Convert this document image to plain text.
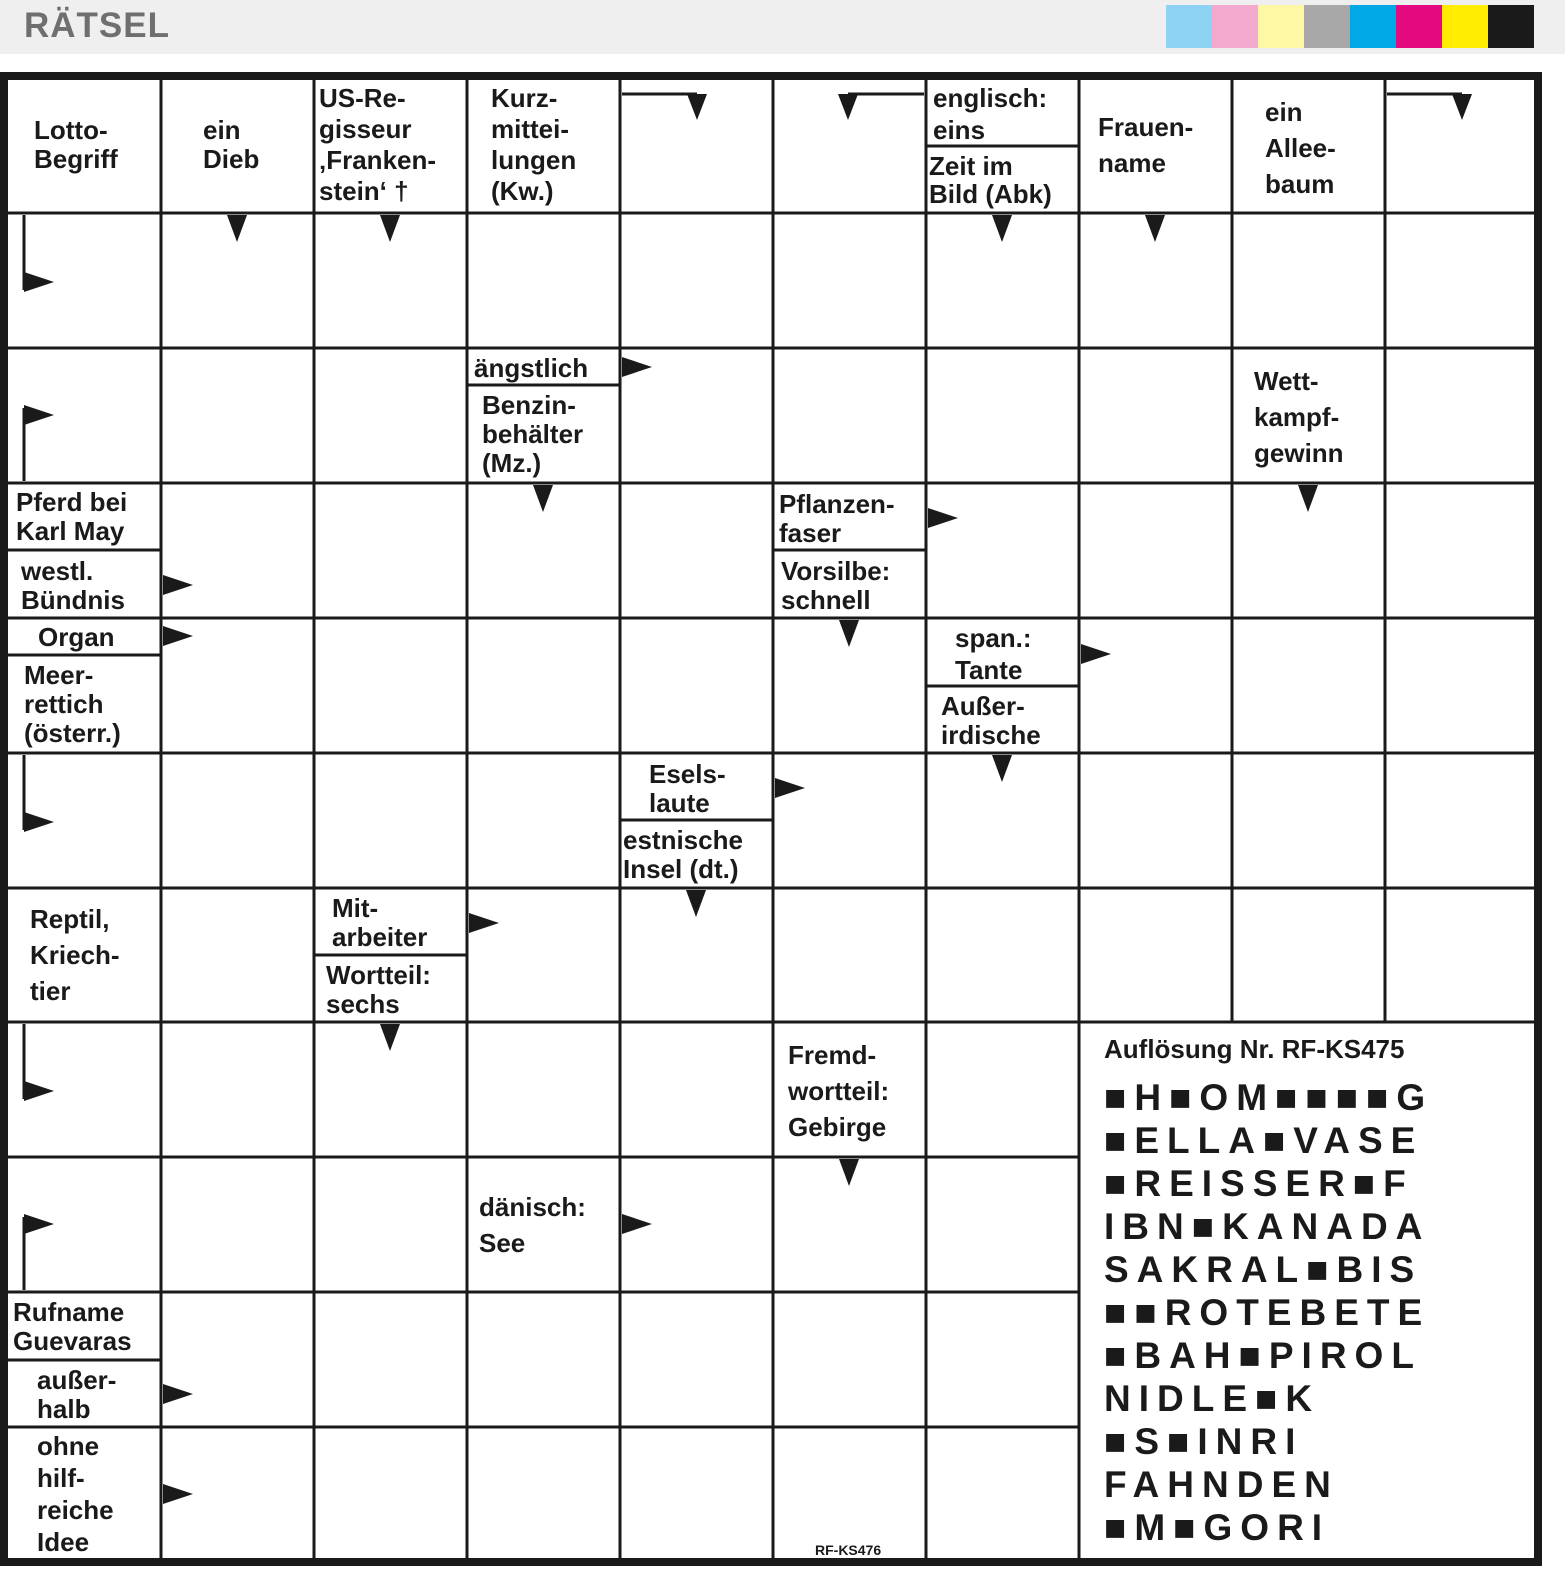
RÄTSEL
Lotto-
Begriff
ein
Dieb
US-Re-
gisseur
‚Franken-
stein‘ †
Kurz-
mittei-
lungen
(Kw.)
englisch:
eins
Zeit im
Bild (Abk)
Frauen-
name
ein
Allee-
baum
ängstlich
Benzin-
behälter
(Mz.)
Wett-
kampf-
gewinn
Pferd bei
Karl May
westl.
Bündnis
Pflanzen-
faser
Vorsilbe:
schnell
Organ
Meer-
rettich
(österr.)
span.:
Tante
Außer-
irdische
Esels-
laute
estnische
Insel (dt.)
Reptil,
Kriech-
tier
Mit-
arbeiter
Wortteil:
sechs
Fremd-
wortteil:
Gebirge
dänisch:
See
Rufname
Guevaras
außer-
halb
ohne
hilf-
reiche
Idee
Auflösung Nr. RF-KS475
■H■OM■■■■G
■ELLA■VASE
■REISSER■F
IBN■KANADA
SAKRAL■BIS
■■ROTEBETE
■BAH■PIROL
NIDLE■K
■S■INRI
FAHNDEN
■M■GORI
RF-KS476
